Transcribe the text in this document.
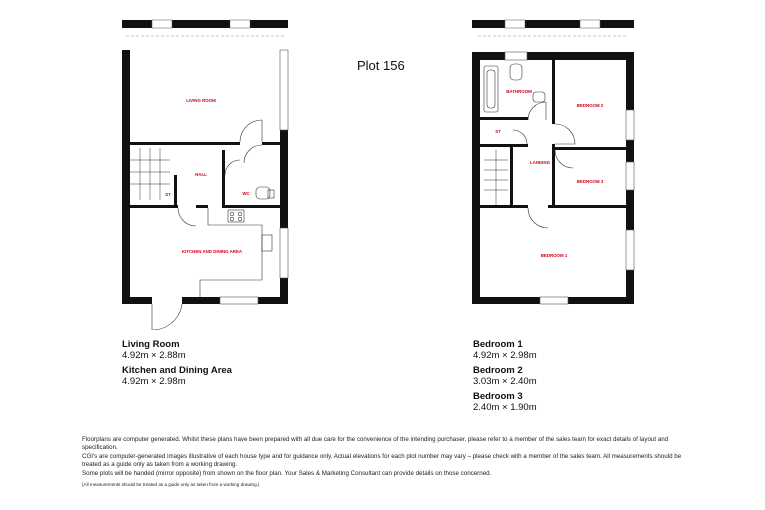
LIVING ROOM
HALL
ST	WC
KITCHEN AND DINING AREA
BATHROOM
BEDROOM 2
ST
LANDING
BEDROOM 3
BEDROOM 1
Plot 156
Living Room
4.92m × 2.88m
Kitchen and Dining Area
4.92m × 2.98m
Bedroom 1
4.92m × 2.98m
Bedroom 2
3.03m × 2.40m
Bedroom 3
2.40m × 1.90m

Floorplans are computer generated. Whilst these plans have been prepared with all due care for the convenience of the intending purchaser, please refer to a member of the sales team for exact details of layout and specification.

CGI's are computer-generated images illustrative of each house type and for guidance only. Actual elevations for each plot number may vary – please check with a member of the sales team. All measurements should be treated as a guide only as taken from a working drawing.

Some plots will be handed (mirror opposite) from shown on the floor plan. Your Sales & Marketing Consultant can provide details on those concerned.

(All measurements should be treated as a guide only as taken from a working drawing.)
